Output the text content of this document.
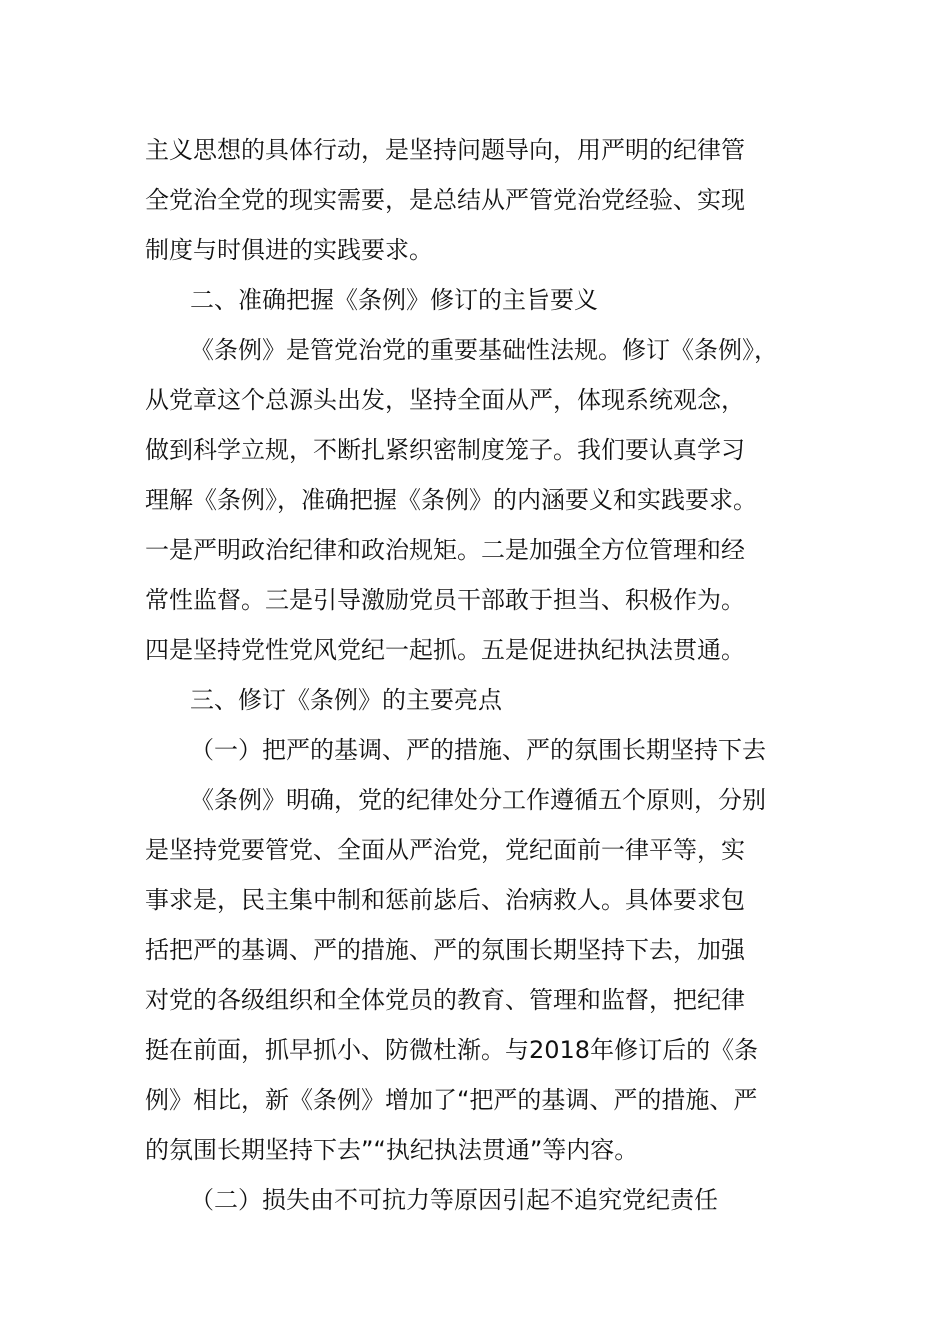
主义思想的具体行动，是坚持问题导向，用严明的纪律管
全党治全党的现实需要，是总结从严管党治党经验、实现
制度与时俱进的实践要求。
二、准确把握《条例》修订的主旨要义
《条例》是管党治党的重要基础性法规。修订《条例》，
从党章这个总源头出发，坚持全面从严，体现系统观念，
做到科学立规，不断扎紧织密制度笼子。我们要认真学习
理解《条例》，准确把握《条例》的内涵要义和实践要求。
一是严明政治纪律和政治规矩。二是加强全方位管理和经
常性监督。三是引导激励党员干部敢于担当、积极作为。
四是坚持党性党风党纪一起抓。五是促进执纪执法贯通。
三、修订《条例》的主要亮点
（一）把严的基调、严的措施、严的氛围长期坚持下去
《条例》明确，党的纪律处分工作遵循五个原则，分别
是坚持党要管党、全面从严治党，党纪面前一律平等，实
事求是，民主集中制和惩前毖后、治病救人。具体要求包
括把严的基调、严的措施、严的氛围长期坚持下去，加强
对党的各级组织和全体党员的教育、管理和监督，把纪律
挺在前面，抓早抓小、防微杜渐。与2018年修订后的《条
例》相比，新《条例》增加了“把严的基调、严的措施、严
的氛围长期坚持下去”“执纪执法贯通”等内容。
（二）损失由不可抗力等原因引起不追究党纪责任
